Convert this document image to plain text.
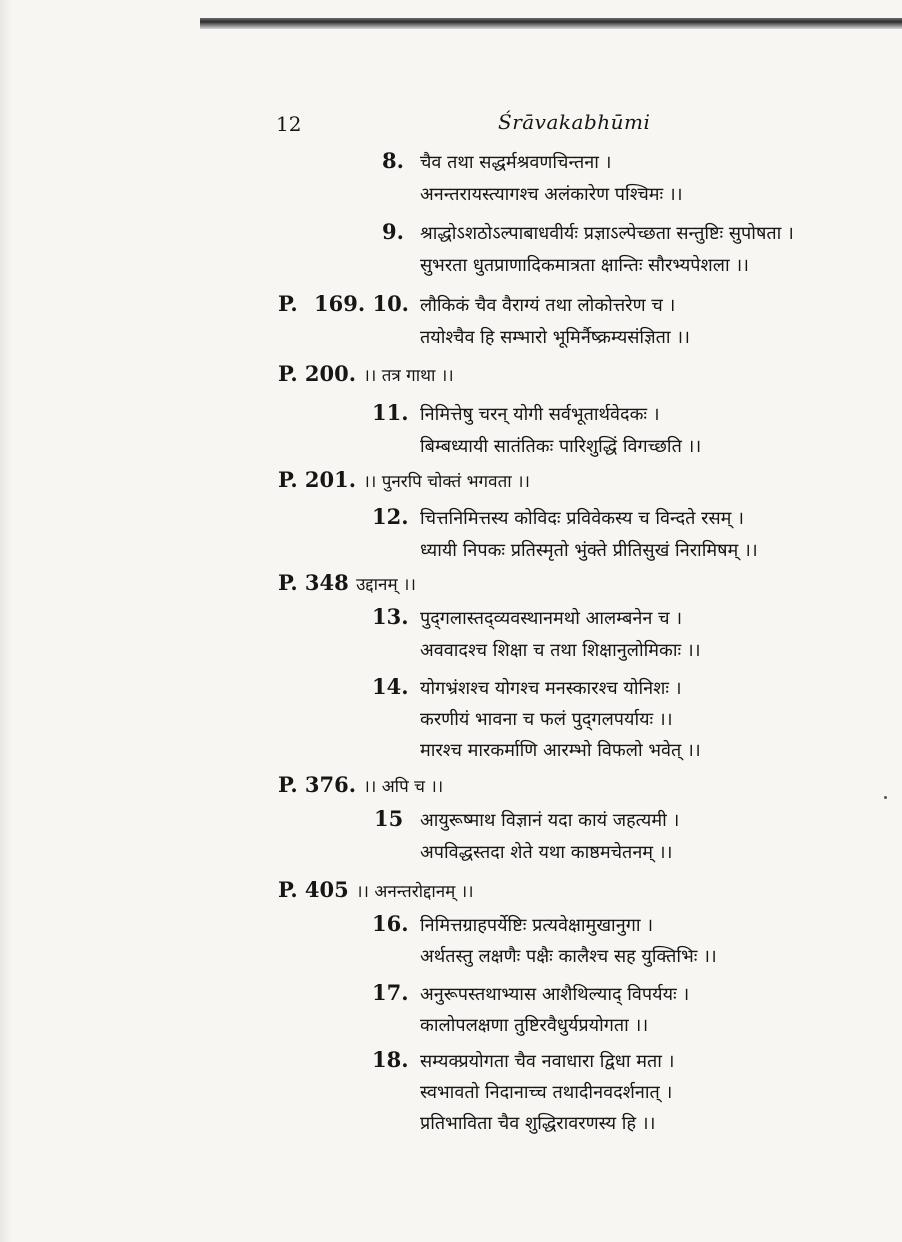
12	Śrāvakabhūmi
8. चैव तथा सद्धर्मश्रवणचिन्तना ।
अनन्तरायस्त्यागश्च अलंकारेण पश्चिमः ।।
9. श्राद्धोऽशठोऽल्पाबाधवीर्यः प्रज्ञाऽल्पेच्छता सन्तुष्टिः सुपोषता ।
सुभरता धुतप्राणादिकमात्रता क्षान्तिः सौरभ्यपेशला ।।
P. 169. 10. लौकिकं चैव वैराग्यं तथा लोकोत्तरेण च ।
तयोश्चैव हि सम्भारो भूमिर्नैष्क्रम्यसंज्ञिता ।।
P. 200. ।। तत्र गाथा ।।
11. निमित्तेषु चरन् योगी सर्वभूतार्थवेदकः ।
बिम्बध्यायी सातंतिकः पारिशुद्धिं विगच्छति ।।
P. 201. ।। पुनरपि चोक्तं भगवता ।।
12. चित्तनिमित्तस्य कोविदः प्रविवेकस्य च विन्दते रसम् ।
ध्यायी निपकः प्रतिस्मृतो भुंक्ते प्रीतिसुखं निरामिषम् ।।
P. 348 उद्दानम् ।।
13. पुद्‍गलास्तद्‍व्यवस्थानमथो आलम्बनेन च ।
अववादश्च शिक्षा च तथा शिक्षानुलोमिकाः ।।
14. योगभ्रंशश्च योगश्च मनस्कारश्च योनिशः ।
करणीयं भावना च फलं पुद्‍गलपर्यायः ।।
मारश्च मारकर्माणि आरम्भो विफलो भवेत् ।।
P. 376. ।। अपि च ।।
15 आयुरूष्माथ विज्ञानं यदा कायं जहत्यमी ।
अपविद्धस्तदा शेते यथा काष्ठमचेतनम् ।।
P. 405 ।। अनन्तरोद्दानम् ।।
16. निमित्तग्राहपर्येष्टिः प्रत्यवेक्षामुखानुगा ।
अर्थतस्तु लक्षणैः पक्षैः कालैश्च सह युक्तिभिः ।।
17. अनुरूपस्तथाभ्यास आशैथिल्याद् विपर्ययः ।
कालोपलक्षणा तुष्टिरवैधुर्यप्रयोगता ।।
18. सम्यक्प्रयोगता चैव नवाधारा द्विधा मता ।
स्वभावतो निदानाच्च तथादीनवदर्शनात् ।
प्रतिभाविता चैव शुद्धिरावरणस्य हि ।।
